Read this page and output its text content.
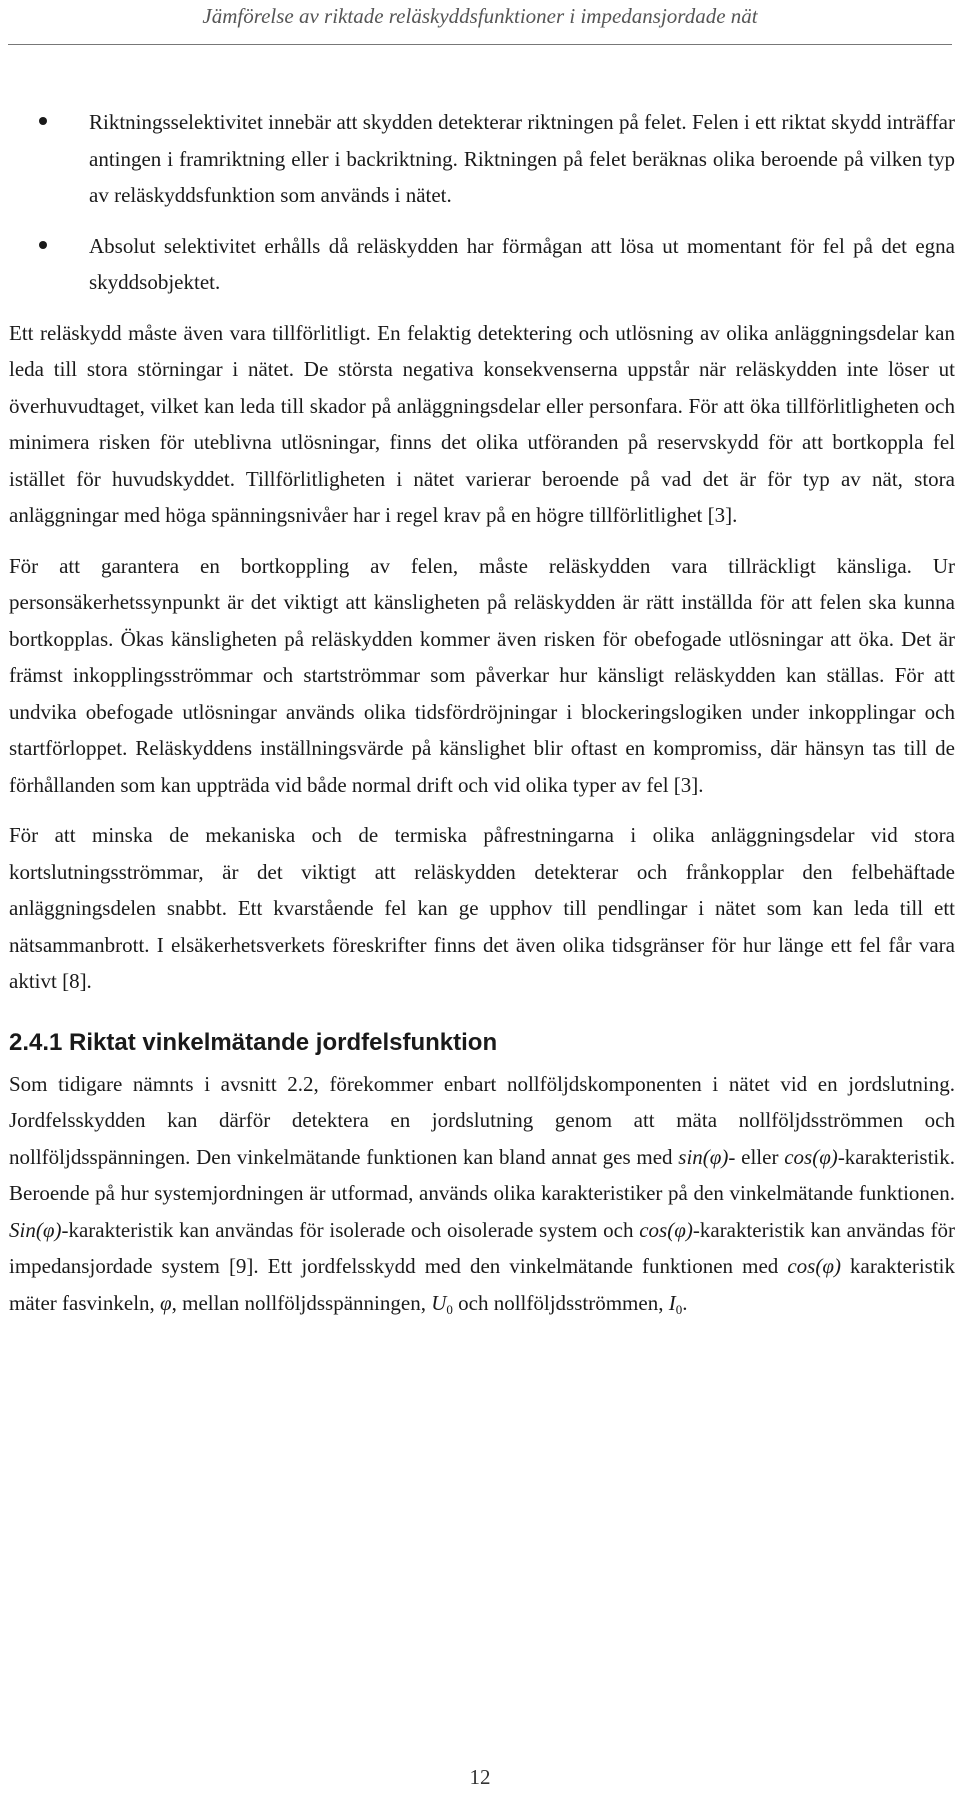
Jämförelse av riktade reläskyddsfunktioner i impedansjordade nät
Riktningsselektivitet innebär att skydden detekterar riktningen på felet. Felen i ett riktat skydd inträffar antingen i framriktning eller i backriktning. Riktningen på felet beräknas olika beroende på vilken typ av reläskyddsfunktion som används i nätet.
Absolut selektivitet erhålls då reläskydden har förmågan att lösa ut momentant för fel på det egna skyddsobjektet.

Ett reläskydd måste även vara tillförlitligt. En felaktig detektering och utlösning av olika anläggningsdelar kan leda till stora störningar i nätet. De största negativa konsekvenserna uppstår när reläskydden inte löser ut överhuvudtaget, vilket kan leda till skador på anläggningsdelar eller personfara. För att öka tillförlitligheten och minimera risken för uteblivna utlösningar, finns det olika utföranden på reservskydd för att bortkoppla fel istället för huvudskyddet. Tillförlitligheten i nätet varierar beroende på vad det är för typ av nät, stora anläggningar med höga spänningsnivåer har i regel krav på en högre tillförlitlighet [3].

För att garantera en bortkoppling av felen, måste reläskydden vara tillräckligt känsliga. Ur personsäkerhetssynpunkt är det viktigt att känsligheten på reläskydden är rätt inställda för att felen ska kunna bortkopplas. Ökas känsligheten på reläskydden kommer även risken för obefogade utlösningar att öka. Det är främst inkopplingsströmmar och startströmmar som påverkar hur känsligt reläskydden kan ställas. För att undvika obefogade utlösningar används olika tidsfördröjningar i blockeringslogiken under inkopplingar och startförloppet. Reläskyddens inställningsvärde på känslighet blir oftast en kompromiss, där hänsyn tas till de förhållanden som kan uppträda vid både normal drift och vid olika typer av fel [3].

För att minska de mekaniska och de termiska påfrestningarna i olika anläggningsdelar vid stora kortslutningsströmmar, är det viktigt att reläskydden detekterar och frånkopplar den felbehäftade anläggningsdelen snabbt. Ett kvarstående fel kan ge upphov till pendlingar i nätet som kan leda till ett nätsammanbrott. I elsäkerhetsverkets föreskrifter finns det även olika tidsgränser för hur länge ett fel får vara aktivt [8].

2.4.1 Riktat vinkelmätande jordfelsfunktion

Som tidigare nämnts i avsnitt 2.2, förekommer enbart nollföljdskomponenten i nätet vid en jordslutning. Jordfelsskydden kan därför detektera en jordslutning genom att mäta nollföljdsströmmen och nollföljdsspänningen. Den vinkelmätande funktionen kan bland annat ges med sin(φ)- eller cos(φ)-karakteristik. Beroende på hur systemjordningen är utformad, används olika karakteristiker på den vinkelmätande funktionen. Sin(φ)-karakteristik kan användas för isolerade och oisolerade system och cos(φ)-karakteristik kan användas för impedansjordade system [9]. Ett jordfelsskydd med den vinkelmätande funktionen med cos(φ) karakteristik mäter fasvinkeln, φ, mellan nollföljdsspänningen, $U_0$ och nollföljdsströmmen, $I_0$.

12
